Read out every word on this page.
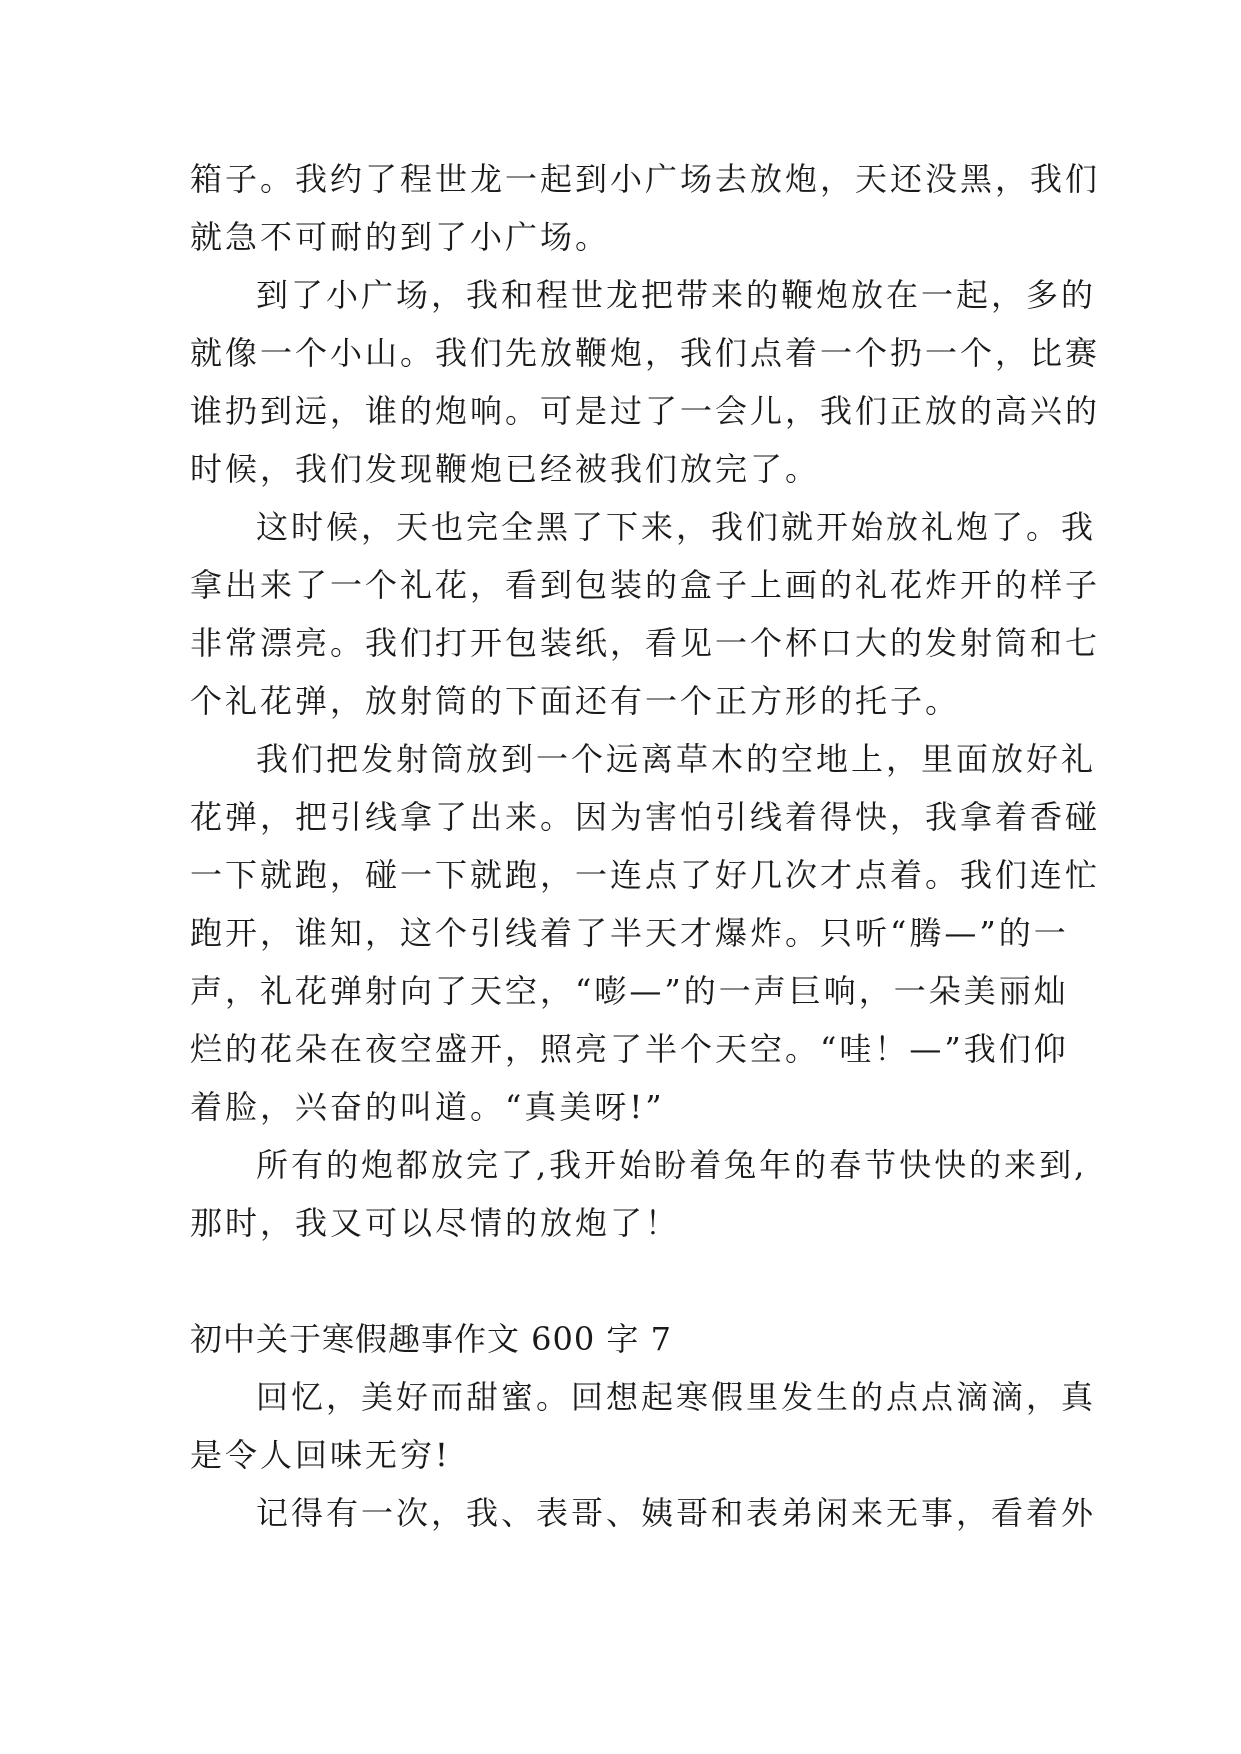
箱子。我约了程世龙一起到小广场去放炮，天还没黑，我们
就急不可耐的到了小广场。
到了小广场，我和程世龙把带来的鞭炮放在一起，多的
就像一个小山。我们先放鞭炮，我们点着一个扔一个，比赛
谁扔到远，谁的炮响。可是过了一会儿，我们正放的高兴的
时候，我们发现鞭炮已经被我们放完了。
这时候，天也完全黑了下来，我们就开始放礼炮了。我
拿出来了一个礼花，看到包装的盒子上画的礼花炸开的样子
非常漂亮。我们打开包装纸，看见一个杯口大的发射筒和七
个礼花弹，放射筒的下面还有一个正方形的托子。
我们把发射筒放到一个远离草木的空地上，里面放好礼
花弹，把引线拿了出来。因为害怕引线着得快，我拿着香碰
一下就跑，碰一下就跑，一连点了好几次才点着。我们连忙
跑开，谁知，这个引线着了半天才爆炸。只听“腾—”的一
声，礼花弹射向了天空，“嘭—”的一声巨响，一朵美丽灿
烂的花朵在夜空盛开，照亮了半个天空。“哇！—”我们仰
着脸，兴奋的叫道。“真美呀!”
所有的炮都放完了,我开始盼着兔年的春节快快的来到,
那时，我又可以尽情的放炮了！
初中关于寒假趣事作文 600 字 7
回忆，美好而甜蜜。回想起寒假里发生的点点滴滴，真
是令人回味无穷!
记得有一次，我、表哥、姨哥和表弟闲来无事，看着外
